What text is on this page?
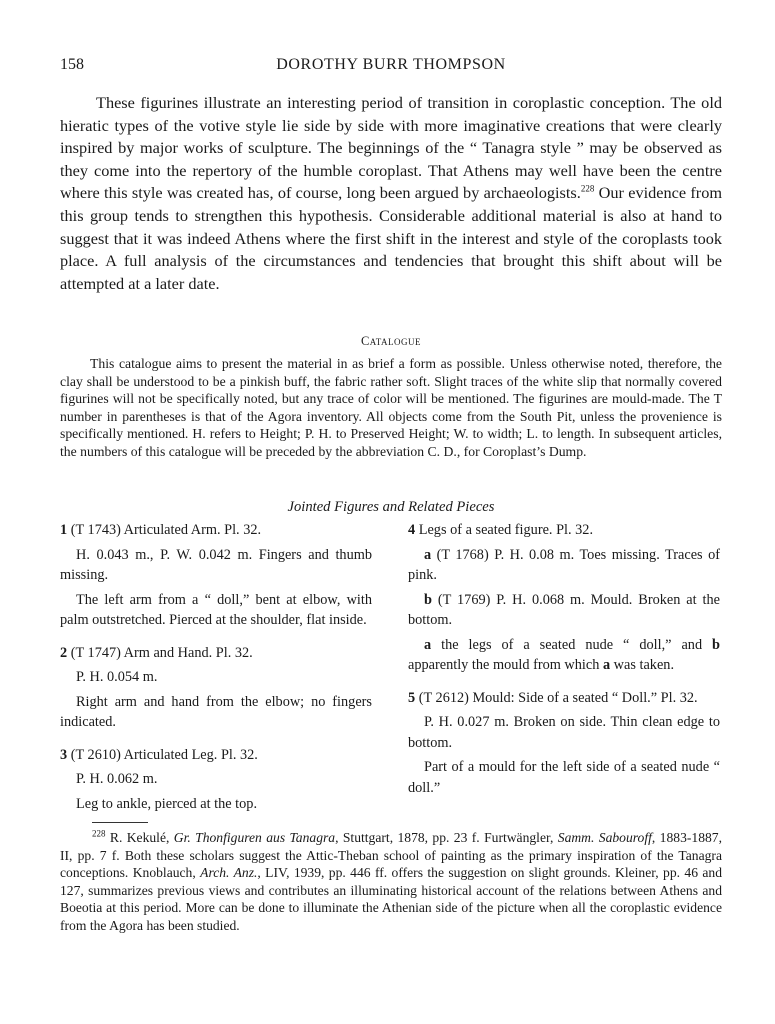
158	DOROTHY BURR THOMPSON

These figurines illustrate an interesting period of transition in coroplastic conception. The old hieratic types of the votive style lie side by side with more imaginative creations that were clearly inspired by major works of sculpture. The beginnings of the “ Tanagra style ” may be observed as they come into the repertory of the humble coroplast. That Athens may well have been the centre where this style was created has, of course, long been argued by archaeologists.$^{228}$ Our evidence from this group tends to strengthen this hypothesis. Considerable additional material is also at hand to suggest that it was indeed Athens where the first shift in the interest and style of the coroplasts took place. A full analysis of the circumstances and tendencies that brought this shift about will be attempted at a later date.

Catalogue

This catalogue aims to present the material in as brief a form as possible. Unless otherwise noted, therefore, the clay shall be understood to be a pinkish buff, the fabric rather soft. Slight traces of the white slip that normally covered figurines will not be specifically noted, but any trace of color will be mentioned. The figurines are mould-made. The T number in parentheses is that of the Agora inventory. All objects come from the South Pit, unless the provenience is specifically mentioned. H. refers to Height; P. H. to Preserved Height; W. to width; L. to length. In subsequent articles, the numbers of this catalogue will be preceded by the abbreviation C. D., for Coroplast’s Dump.

Jointed Figures and Related Pieces

1 (T 1743) Articulated Arm. Pl. 32.

H. 0.043 m., P. W. 0.042 m. Fingers and thumb missing.

The left arm from a “ doll,” bent at elbow, with palm outstretched. Pierced at the shoulder, flat inside.

2 (T 1747) Arm and Hand. Pl. 32.

P. H. 0.054 m.

Right arm and hand from the elbow; no fingers indicated.

3 (T 2610) Articulated Leg. Pl. 32.

P. H. 0.062 m.

Leg to ankle, pierced at the top.

4 Legs of a seated figure. Pl. 32.

a (T 1768) P. H. 0.08 m. Toes missing. Traces of pink.

b (T 1769) P. H. 0.068 m. Mould. Broken at the bottom.

a the legs of a seated nude “ doll,” and b apparently the mould from which a was taken.

5 (T 2612) Mould: Side of a seated “ Doll.” Pl. 32.

P. H. 0.027 m. Broken on side. Thin clean edge to bottom.

Part of a mould for the left side of a seated nude “ doll.”

$^{228}$ R. Kekulé, Gr. Thonfiguren aus Tanagra, Stuttgart, 1878, pp. 23 f. Furtwängler, Samm. Sabouroff, 1883-1887, II, pp. 7 f. Both these scholars suggest the Attic-Theban school of painting as the primary inspiration of the Tanagra conceptions. Knoblauch, Arch. Anz., LIV, 1939, pp. 446 ff. offers the suggestion on slight grounds. Kleiner, pp. 46 and 127, summarizes previous views and contributes an illuminating historical account of the relations between Athens and Boeotia at this period. More can be done to illuminate the Athenian side of the picture when all the coroplastic evidence from the Agora has been studied.
